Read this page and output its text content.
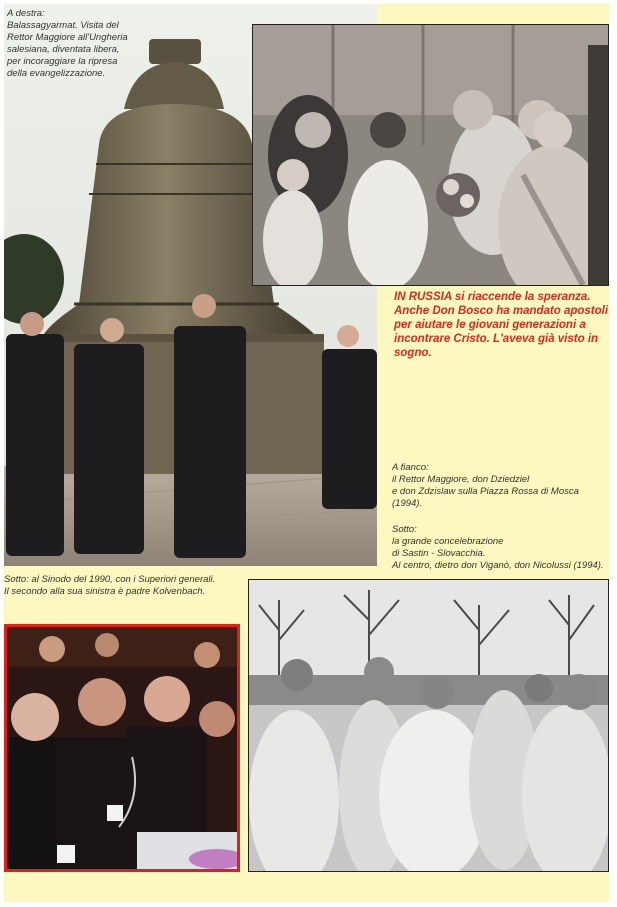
A destra:

Balassagyarmat. Visita del

Rettor Maggiore all'Ungheria

salesiana, diventata libera,

per incoraggiare la ripresa

della evangelizzazione.

IN RUSSIA si riaccende la speranza.

Anche Don Bosco ha mandato apostoli

per aiutare le giovani generazioni a

incontrare Cristo. L'aveva già visto in

sogno.

A fianco:

il Rettor Maggiore, don Dziedziel

e don Zdzislaw sulla Piazza Rossa di Mosca (1994).

Sotto:

la grande concelebrazione

di Sastin - Slovacchia.

Al centro, dietro don Viganò, don Nicolussi (1994).

Sotto: al Sinodo del 1990, con i Superiori generali.

Il secondo alla sua sinistra è padre Kolvenbach.
